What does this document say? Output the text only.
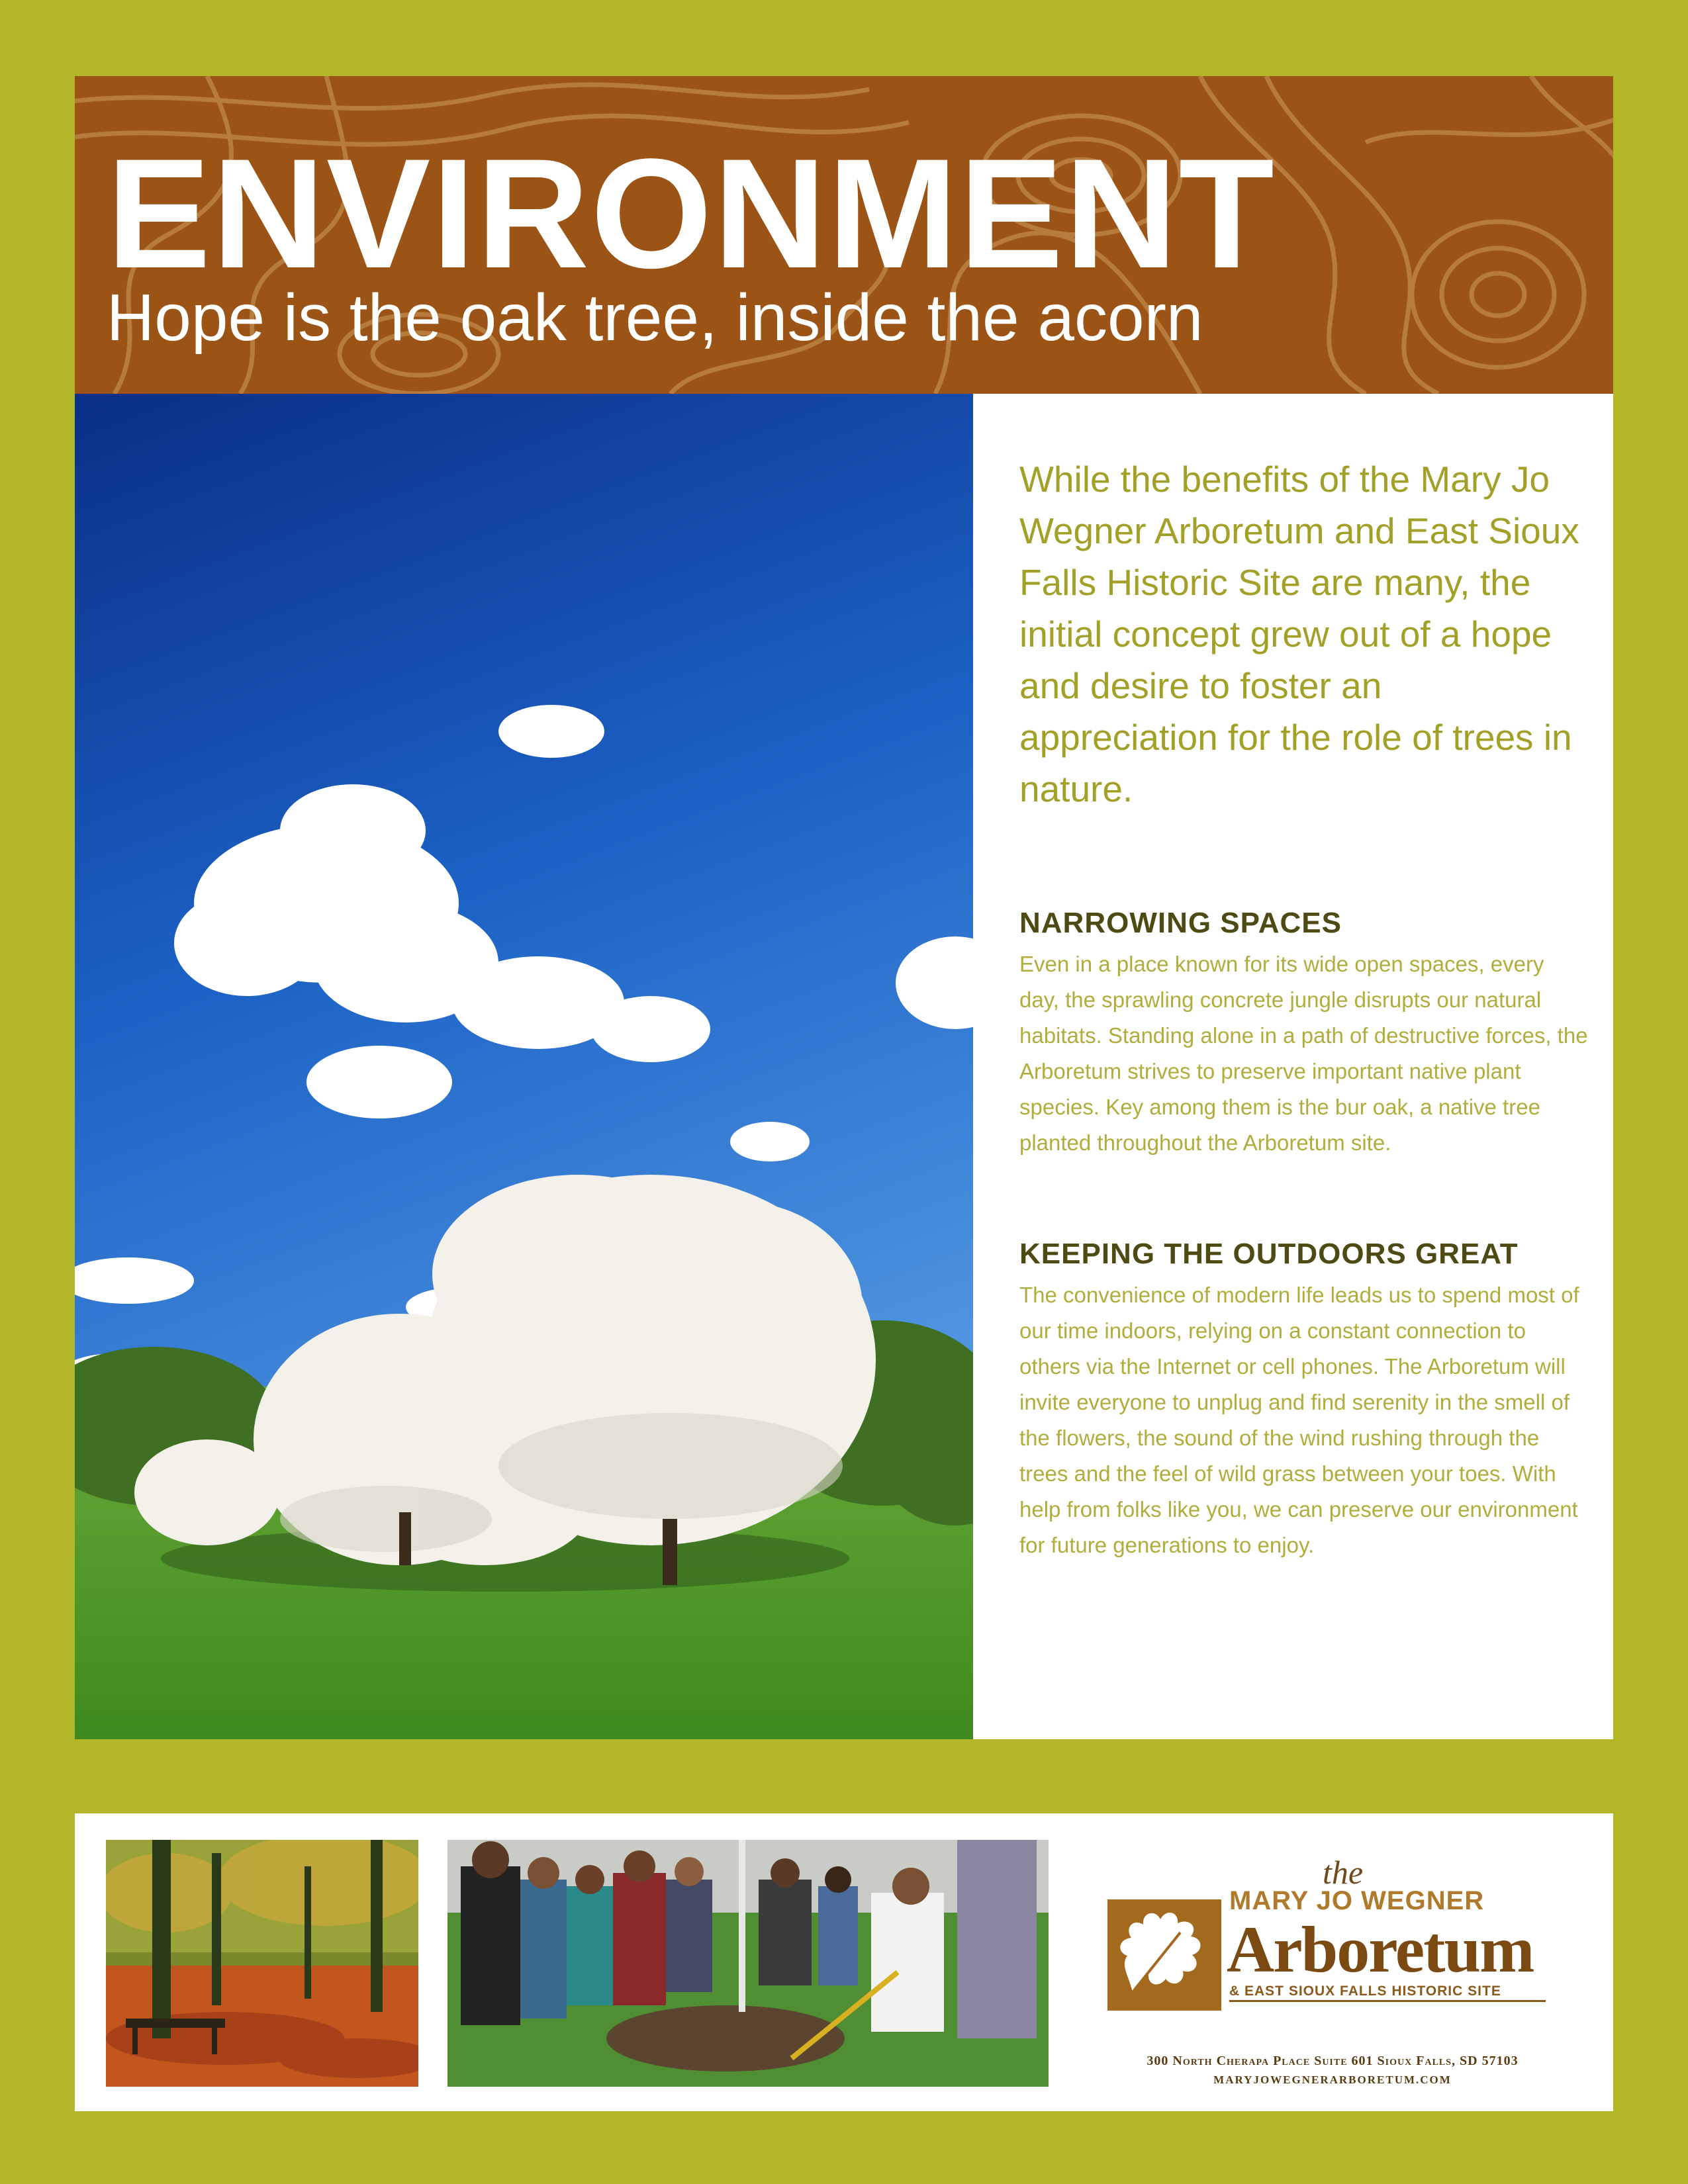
ENVIRONMENT

Hope is the oak tree, inside the acorn

While the benefits of the Mary Jo Wegner Arboretum and East Sioux Falls Historic Site are many, the initial concept grew out of a hope and desire to foster an appreciation for the role of trees in nature.

NARROWING SPACES

Even in a place known for its wide open spaces, every day, the sprawling concrete jungle disrupts our natural habitats. Standing alone in a path of destructive forces, the Arboretum strives to preserve important native plant species. Key among them is the bur oak, a native tree planted throughout the Arboretum site.

KEEPING THE OUTDOORS GREAT

The convenience of modern life leads us to spend most of our time indoors, relying on a constant connection to others via the Internet or cell phones. The Arboretum will invite everyone to unplug and find serenity in the smell of the flowers, the sound of the wind rushing through the trees and the feel of wild grass between your toes. With help from folks like you, we can preserve our environment for future generations to enjoy.

the
MARY JO WEGNER
Arboretum
& EAST SIOUX FALLS HISTORIC SITE
300 North Cherapa Place Suite 601 Sioux Falls, SD 57103
MARYJOWEGNERARBORETUM.COM
